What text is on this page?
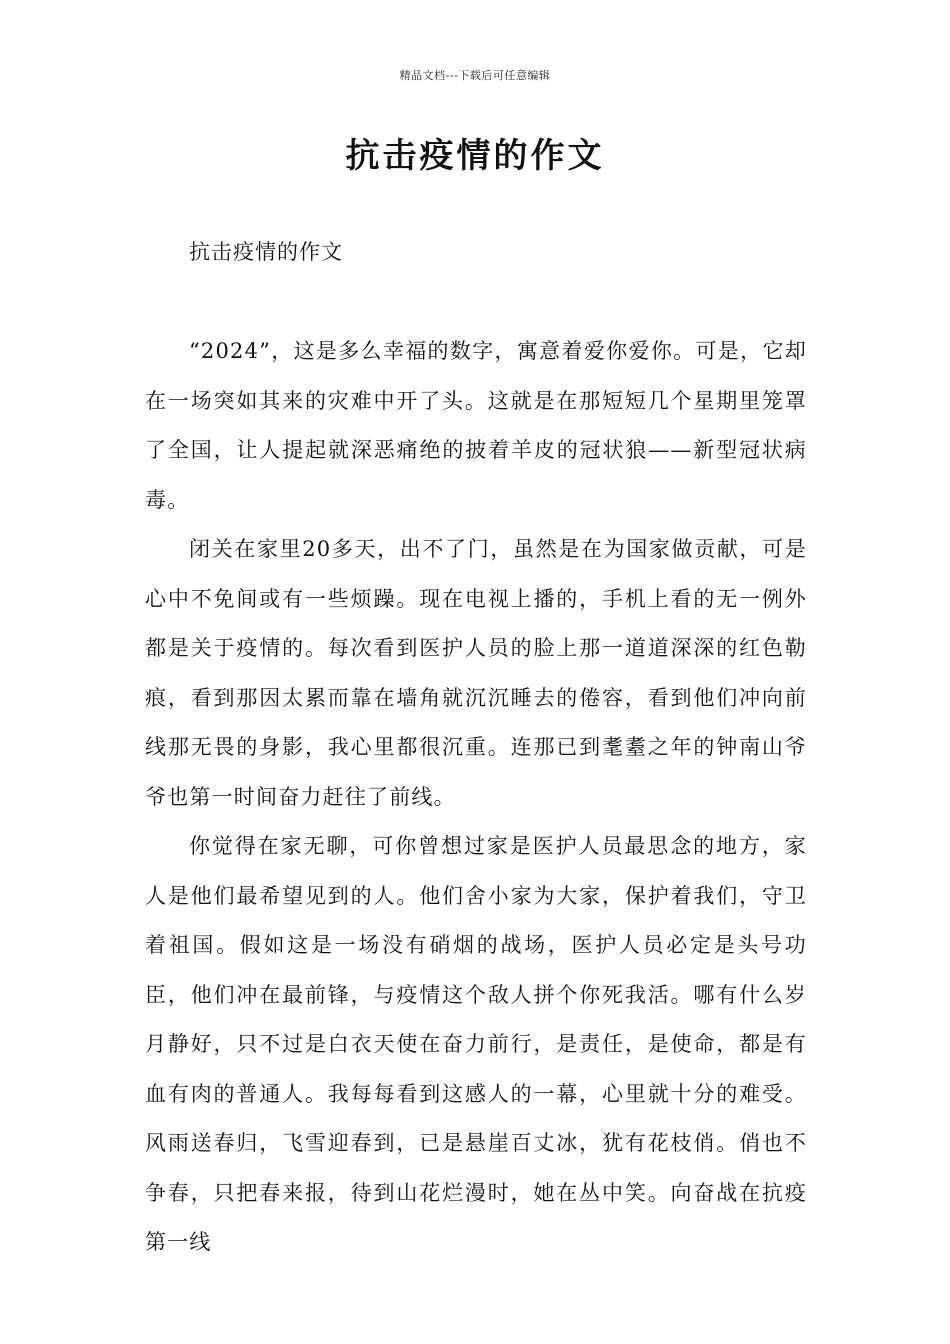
精品文档---下载后可任意编辑
抗击疫情的作文
抗击疫情的作文

“2024”，这是多么幸福的数字，寓意着爱你爱你。可是，它却在一场突如其来的灾难中开了头。这就是在那短短几个星期里笼罩了全国，让人提起就深恶痛绝的披着羊皮的冠状狼——新型冠状病毒。

闭关在家里20多天，出不了门，虽然是在为国家做贡献，可是心中不免间或有一些烦躁。现在电视上播的，手机上看的无一例外都是关于疫情的。每次看到医护人员的脸上那一道道深深的红色勒痕，看到那因太累而靠在墙角就沉沉睡去的倦容，看到他们冲向前线那无畏的身影，我心里都很沉重。连那已到耄耋之年的钟南山爷爷也第一时间奋力赶往了前线。

你觉得在家无聊，可你曾想过家是医护人员最思念的地方，家人是他们最希望见到的人。他们舍小家为大家，保护着我们，守卫着祖国。假如这是一场没有硝烟的战场，医护人员必定是头号功臣，他们冲在最前锋，与疫情这个敌人拼个你死我活。哪有什么岁月静好，只不过是白衣天使在奋力前行，是责任，是使命，都是有血有肉的普通人。我每每看到这感人的一幕，心里就十分的难受。风雨送春归，飞雪迎春到，已是悬崖百丈冰，犹有花枝俏。俏也不争春，只把春来报，待到山花烂漫时，她在丛中笑。向奋战在抗疫第一线
